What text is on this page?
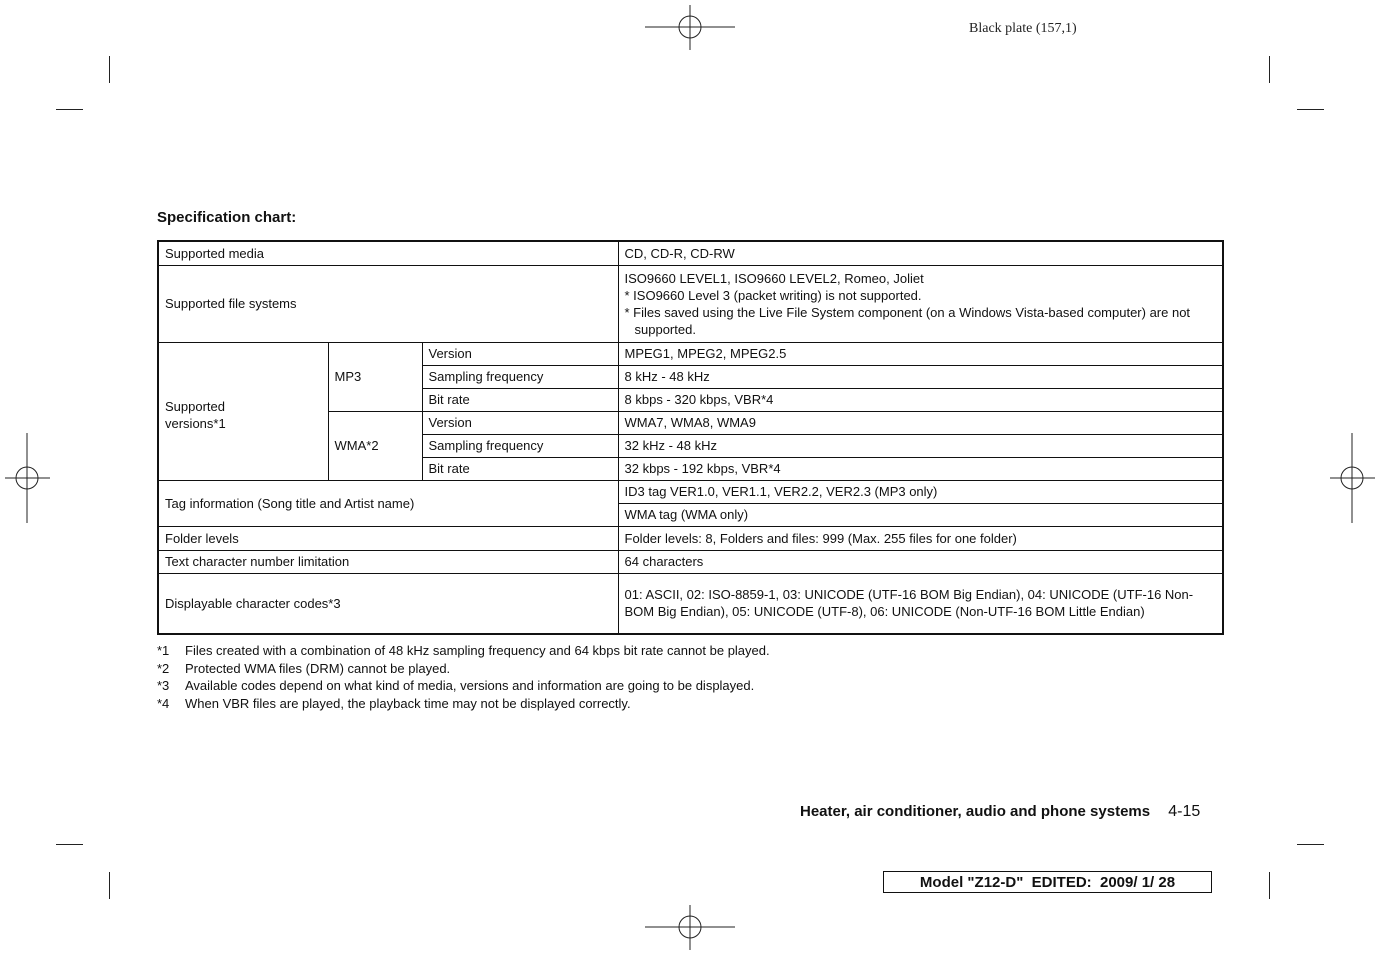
Black plate (157,1)
Specification chart:
Supported media			CD, CD-R, CD-RW
Supported file systems			ISO9660 LEVEL1, ISO9660 LEVEL2, Romeo, Joliet
* ISO9660 Level 3 (packet writing) is not supported.
* Files saved using the Live File System component (on a Windows Vista-based computer) are not supported.

Supported versions*1	MP3	Version	MPEG1, MPEG2, MPEG2.5
		Sampling frequency	8 kHz - 48 kHz
		Bit rate	8 kbps - 320 kbps, VBR*4
	WMA*2	Version	WMA7, WMA8, WMA9
		Sampling frequency	32 kHz - 48 kHz
		Bit rate	32 kbps - 192 kbps, VBR*4
Tag information (Song title and Artist name)			ID3 tag VER1.0, VER1.1, VER2.2, VER2.3 (MP3 only)
			WMA tag (WMA only)
Folder levels			Folder levels: 8, Folders and files: 999 (Max. 255 files for one folder)
Text character number limitation			64 characters
Displayable character codes*3			01: ASCII, 02: ISO-8859-1, 03: UNICODE (UTF-16 BOM Big Endian), 04: UNICODE (UTF-16 Non-BOM Big Endian), 05: UNICODE (UTF-8), 06: UNICODE (Non-UTF-16 BOM Little Endian)
*1	Files created with a combination of 48 kHz sampling frequency and 64 kbps bit rate cannot be played.
*2	Protected WMA files (DRM) cannot be played.
*3	Available codes depend on what kind of media, versions and information are going to be displayed.
*4	When VBR files are played, the playback time may not be displayed correctly.
Heater, air conditioner, audio and phone systems 4-15
Model "Z12-D"  EDITED:  2009/ 1/ 28
